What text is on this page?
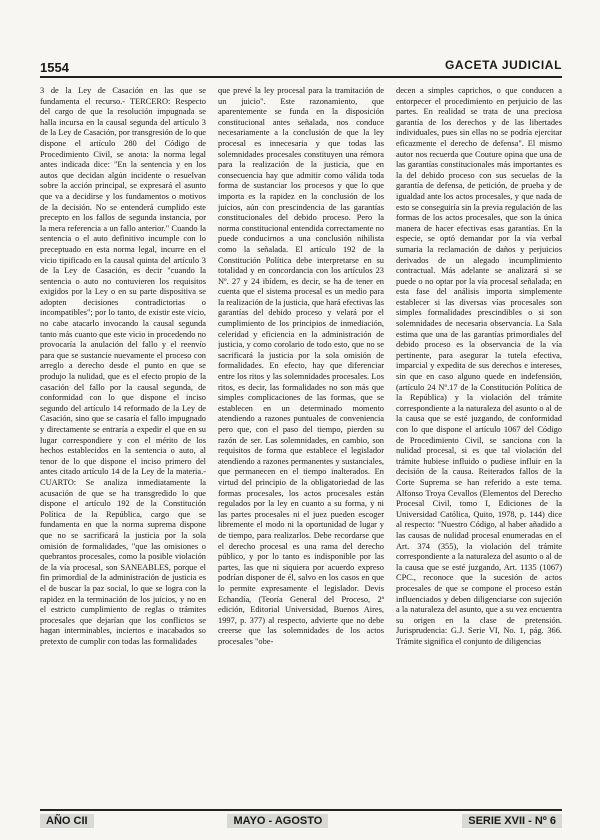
1554	GACETA JUDICIAL

3 de la Ley de Casación en las que se fundamenta el recurso.- TERCERO: Respecto del cargo de que la resolución impugnada se halla incursa en la causal segunda del artículo 3 de la Ley de Casación, por transgresión de lo que dispone el artículo 280 del Código de Procedimiento Civil, se anota: la norma legal antes indicada dice: "En la sentencia y en los autos que decidan algún incidente o resuelvan sobre la acción principal, se expresará el asunto que va a decidirse y los fundamentos o motivos de la decisión. No se entenderá cumplido este precepto en los fallos de segunda instancia, por la mera referencia a un fallo anterior." Cuando la sentencia o el auto definitivo incumple con lo preceptuado en esta norma legal, incurre en el vicio tipificado en la causal quinta del artículo 3 de la Ley de Casación, es decir "cuando la sentencia o auto no contuvieren los requisitos exigidos por la Ley o en su parte dispositiva se adopten decisiones contradictorias o incompatibles"; por lo tanto, de existir este vicio, no cabe atacarlo invocando la causal segunda tanto más cuanto que este vicio in procedendo no provocaría la anulación del fallo y el reenvío para que se sustancie nuevamente el proceso con arreglo a derecho desde el punto en que se produjo la nulidad, que es el efecto propio de la casación del fallo por la causal segunda, de conformidad con lo que dispone el inciso segundo del artículo 14 reformado de la Ley de Casación, sino que se casaría el fallo impugnado y directamente se entraría a expedir el que en su lugar correspondiere y con el mérito de los hechos establecidos en la sentencia o auto, al tenor de lo que dispone el inciso primero del antes citado artículo 14 de la Ley de la materia.- CUARTO: Se analiza inmediatamente la acusación de que se ha transgredido lo que dispone el artículo 192 de la Constitución Política de la República, cargo que se fundamenta en que la norma suprema dispone que no se sacrificará la justicia por la sola omisión de formalidades, "que las omisiones o quebrantos procesales, como la posible violación de la vía procesal, son SANEABLES, porque el fin primordial de la administración de justicia es el de buscar la paz social, lo que se logra con la rapidez en la terminación de los juicios, y no en el estricto cumplimiento de reglas o trámites procesales que dejarían que los conflictos se hagan interminables, inciertos e inacabados so pretexto de cumplir con todas las formalidades

que prevé la ley procesal para la tramitación de un juicio". Este razonamiento, que aparentemente se funda en la disposición constitucional antes señalada, nos conduce necesariamente a la conclusión de que la ley procesal es innecesaria y que todas las solemnidades procesales constituyen una rémora para la realización de la justicia, que en consecuencia hay que admitir como válida toda forma de sustanciar los procesos y que lo que importa es la rapidez en la conclusión de los juicios, aún con prescindencia de las garantías constitucionales del debido proceso. Pero la norma constitucional entendida correctamente no puede conducirnos a una conclusión nihilista como la señalada. El artículo 192 de la Constitución Política debe interpretarse en su totalidad y en concordancia con los artículos 23 Nº. 27 y 24 ibídem, es decir, se ha de tener en cuenta que el sistema procesal es un medio para la realización de la justicia, que hará efectivas las garantías del debido proceso y velará por el cumplimiento de los principios de inmediación, celeridad y eficiencia en la administración de justicia, y como corolario de todo esto, que no se sacrificará la justicia por la sola omisión de formalidades. En efecto, hay que diferenciar entre los ritos y las solemnidades procesales. Los ritos, es decir, las formalidades no son más que simples complicaciones de las formas, que se establecen en un determinado momento atendiendo a razones puntuales de conveniencia pero que, con el paso del tiempo, pierden su razón de ser. Las solemnidades, en cambio, son requisitos de forma que establece el legislador atendiendo a razones permanentes y sustanciales, que permanecen en el tiempo inalterados. En virtud del principio de la obligatoriedad de las formas procesales, los actos procesales están regulados por la ley en cuanto a su forma, y ni las partes procesales ni el juez pueden escoger libremente el modo ni la oportunidad de lugar y de tiempo, para realizarlos. Debe recordarse que el derecho procesal es una rama del derecho público, y por lo tanto es indisponible por las partes, las que ni siquiera por acuerdo expreso podrían disponer de él, salvo en los casos en que lo permite expresamente el legislador. Devis Echandía, (Teoría General del Proceso, 2ª edición, Editorial Universidad, Buenos Aires, 1997, p. 377) al respecto, advierte que no debe creerse que las solemnidades de los actos procesales "obe-

decen a simples caprichos, o que conducen a entorpecer el procedimiento en perjuicio de las partes. En realidad se trata de una preciosa garantía de los derechos y de las libertades individuales, pues sin ellas no se podría ejercitar eficazmente el derecho de defensa". El mismo autor nos recuerda que Couture opina que una de las garantías constitucionales más importantes es la del debido proceso con sus secuelas de la garantía de defensa, de petición, de prueba y de igualdad ante los actos procesales, y que nada de esto se conseguiría sin la previa regulación de las formas de los actos procesales, que son la única manera de hacer efectivas esas garantías. En la especie, se optó demandar por la vía verbal sumaria la reclamación de daños y perjuicios derivados de un alegado incumplimiento contractual. Más adelante se analizará si se puede o no optar por la vía procesal señalada; en esta fase del análisis importa simplemente establecer si las diversas vías procesales son simples formalidades prescindibles o si son solemnidades de necesaria observancia. La Sala estima que una de las garantías primordiales del debido proceso es la observancia de la vía pertinente, para asegurar la tutela efectiva, imparcial y expedita de sus derechos e intereses, sin que en caso alguno quede en indefensión, (artículo 24 Nº.17 de la Constitución Política de la República) y la violación del trámite correspondiente a la naturaleza del asunto o al de la causa que se esté juzgando, de conformidad con lo que dispone el artículo 1067 del Código de Procedimiento Civil, se sanciona con la nulidad procesal, si es que tal violación del trámite hubiese influido o pudiese influir en la decisión de la causa. Reiterados fallos de la Corte Suprema se han referido a este tema. Alfonso Troya Cevallos (Elementos del Derecho Procesal Civil, tomo I, Ediciones de la Universidad Católica, Quito, 1978, p. 144) dice al respecto: "Nuestro Código, al haber añadido a las causas de nulidad procesal enumeradas en el Art. 374 (355), la violación del trámite correspondiente a la naturaleza del asunto o al de la causa que se esté juzgando, Art. 1135 (1067) CPC., reconoce que la sucesión de actos procesales de que se compone el proceso están influenciados y deben diligenciarse con sujeción a la naturaleza del asunto, que a su vez encuentra su origen en la clase de pretensión. Jurisprudencia: G.J. Serie VI, No. 1, pág. 366. Trámite significa el conjunto de diligencias

AÑO CII	MAYO - AGOSTO	SERIE XVII - Nº 6
